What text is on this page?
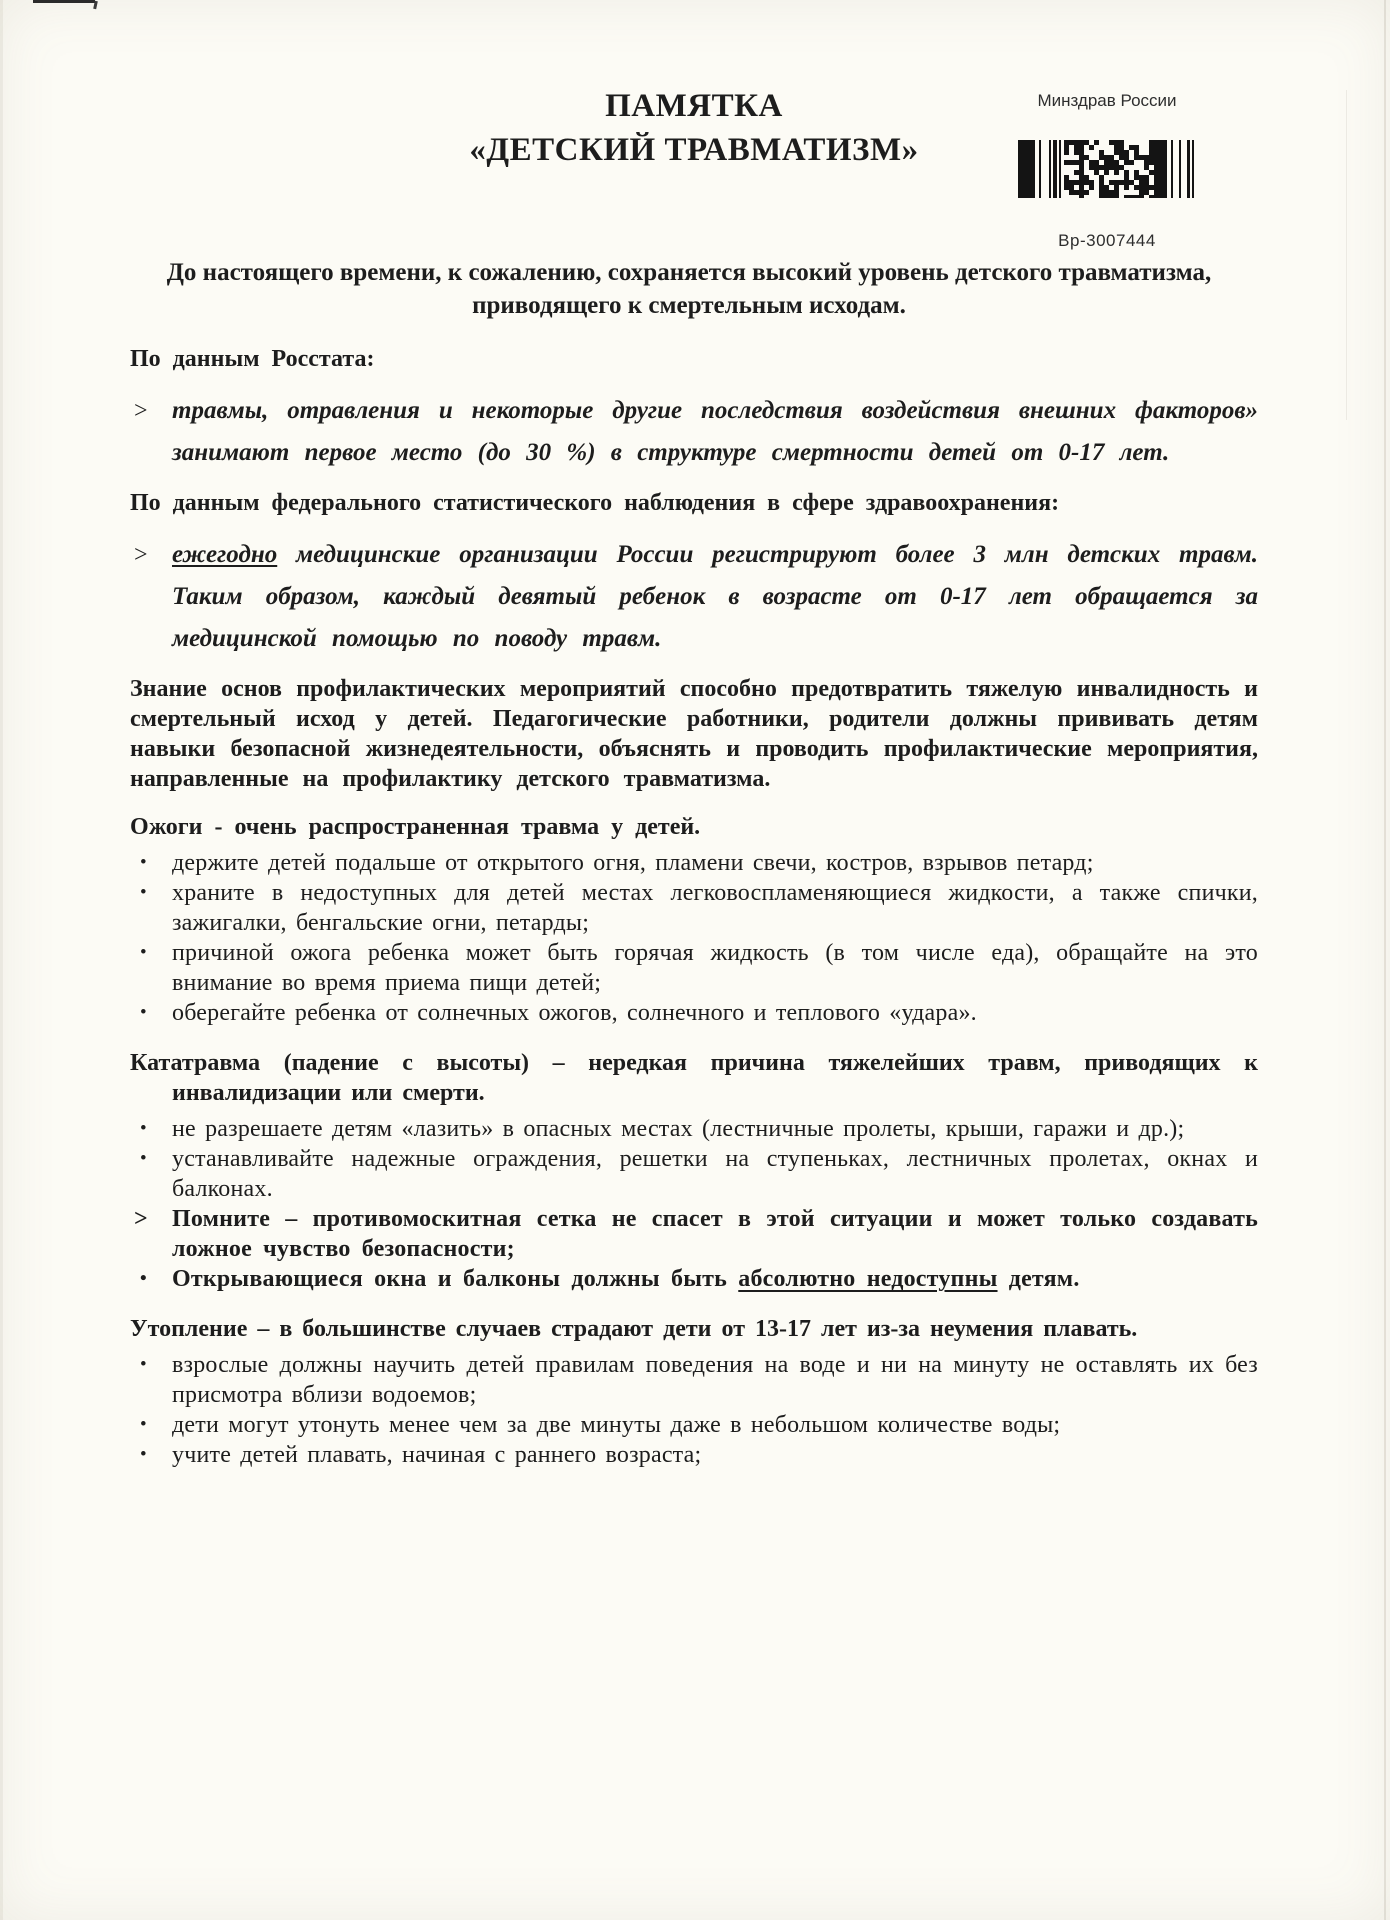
ПАМЯТКА
«ДЕТСКИЙ ТРАВМАТИЗМ»
Минздрав России
Вр-3007444

До настоящего времени, к сожалению, сохраняется высокий уровень детского травматизма, приводящего к смертельным исходам.

По данным Росстата:
> травмы, отравления и некоторые другие последствия воздействия внешних факторов» занимают первое место (до 30 %) в структуре смертности детей от 0-17 лет.
По данным федерального статистического наблюдения в сфере здравоохранения:
> ежегодно медицинские организации России регистрируют более 3 млн детских травм. Таким образом, каждый девятый ребенок в возрасте от 0-17 лет обращается за медицинской помощью по поводу травм.

Знание основ профилактических мероприятий способно предотвратить тяжелую инвалидность и смертельный исход у детей. Педагогические работники, родители должны прививать детям навыки безопасной жизнедеятельности, объяснять и проводить профилактические мероприятия, направленные на профилактику детского травматизма.

Ожоги - очень распространенная травма у детей.
• держите детей подальше от открытого огня, пламени свечи, костров, взрывов петард;
• храните в недоступных для детей местах легковоспламеняющиеся жидкости, а также спички, зажигалки, бенгальские огни, петарды;
• причиной ожога ребенка может быть горячая жидкость (в том числе еда), обращайте на это внимание во время приема пищи детей;
• оберегайте ребенка от солнечных ожогов, солнечного и теплового «удара».
Кататравма (падение с высоты) – нередкая причина тяжелейших травм, приводящих к инвалидизации или смерти.
• не разрешаете детям «лазить» в опасных местах (лестничные пролеты, крыши, гаражи и др.);
• устанавливайте надежные ограждения, решетки на ступеньках, лестничных пролетах, окнах и балконах.
> Помните – противомоскитная сетка не спасет в этой ситуации и может только создавать ложное чувство безопасности;
• Открывающиеся окна и балконы должны быть абсолютно недоступны детям.
Утопление – в большинстве случаев страдают дети от 13-17 лет из-за неумения плавать.
• взрослые должны научить детей правилам поведения на воде и ни на минуту не оставлять их без присмотра вблизи водоемов;
• дети могут утонуть менее чем за две минуты даже в небольшом количестве воды;
• учите детей плавать, начиная с раннего возраста;
